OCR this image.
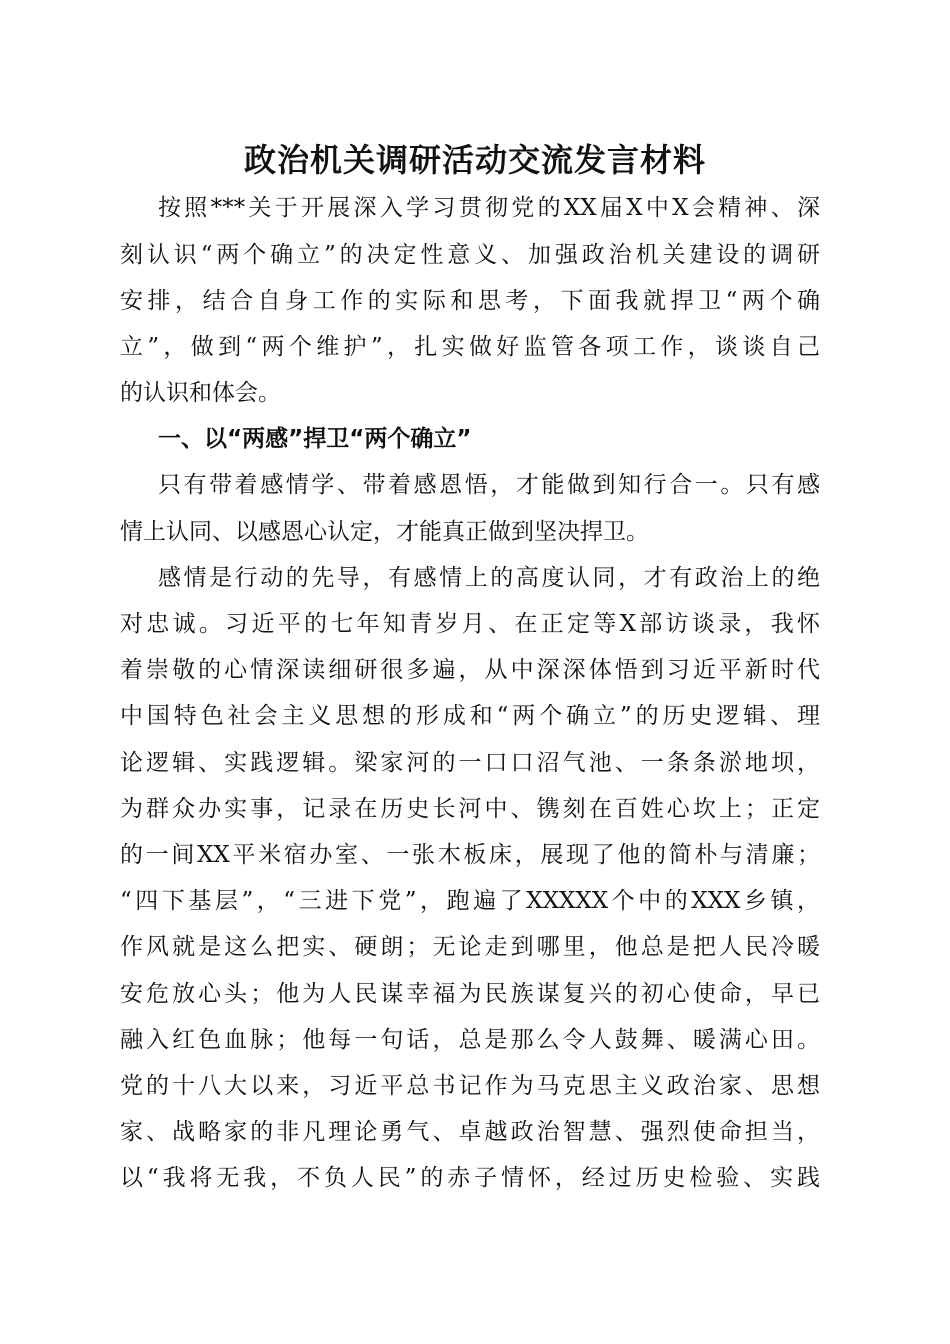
政治机关调研活动交流发言材料
按照***关于开展深入学习贯彻党的XX届X中X会精神、深
刻认识“两个确立”的决定性意义、加强政治机关建设的调研
安排，结合自身工作的实际和思考，下面我就捍卫“两个确
立”，做到“两个维护”，扎实做好监管各项工作，谈谈自己
的认识和体会。
一、以“两感”捍卫“两个确立”
只有带着感情学、带着感恩悟，才能做到知行合一。只有感
情上认同、以感恩心认定，才能真正做到坚决捍卫。
感情是行动的先导，有感情上的高度认同，才有政治上的绝
对忠诚。习近平的七年知青岁月、在正定等X部访谈录，我怀
着崇敬的心情深读细研很多遍，从中深深体悟到习近平新时代
中国特色社会主义思想的形成和“两个确立”的历史逻辑、理
论逻辑、实践逻辑。梁家河的一口口沼气池、一条条淤地坝，
为群众办实事，记录在历史长河中、镌刻在百姓心坎上；正定
的一间XX平米宿办室、一张木板床，展现了他的简朴与清廉；
“四下基层”，“三进下党”，跑遍了XXXXX个中的XXX乡镇，
作风就是这么把实、硬朗；无论走到哪里，他总是把人民冷暖
安危放心头；他为人民谋幸福为民族谋复兴的初心使命，早已
融入红色血脉；他每一句话，总是那么令人鼓舞、暖满心田。
党的十八大以来，习近平总书记作为马克思主义政治家、思想
家、战略家的非凡理论勇气、卓越政治智慧、强烈使命担当，
以“我将无我，不负人民”的赤子情怀，经过历史检验、实践
